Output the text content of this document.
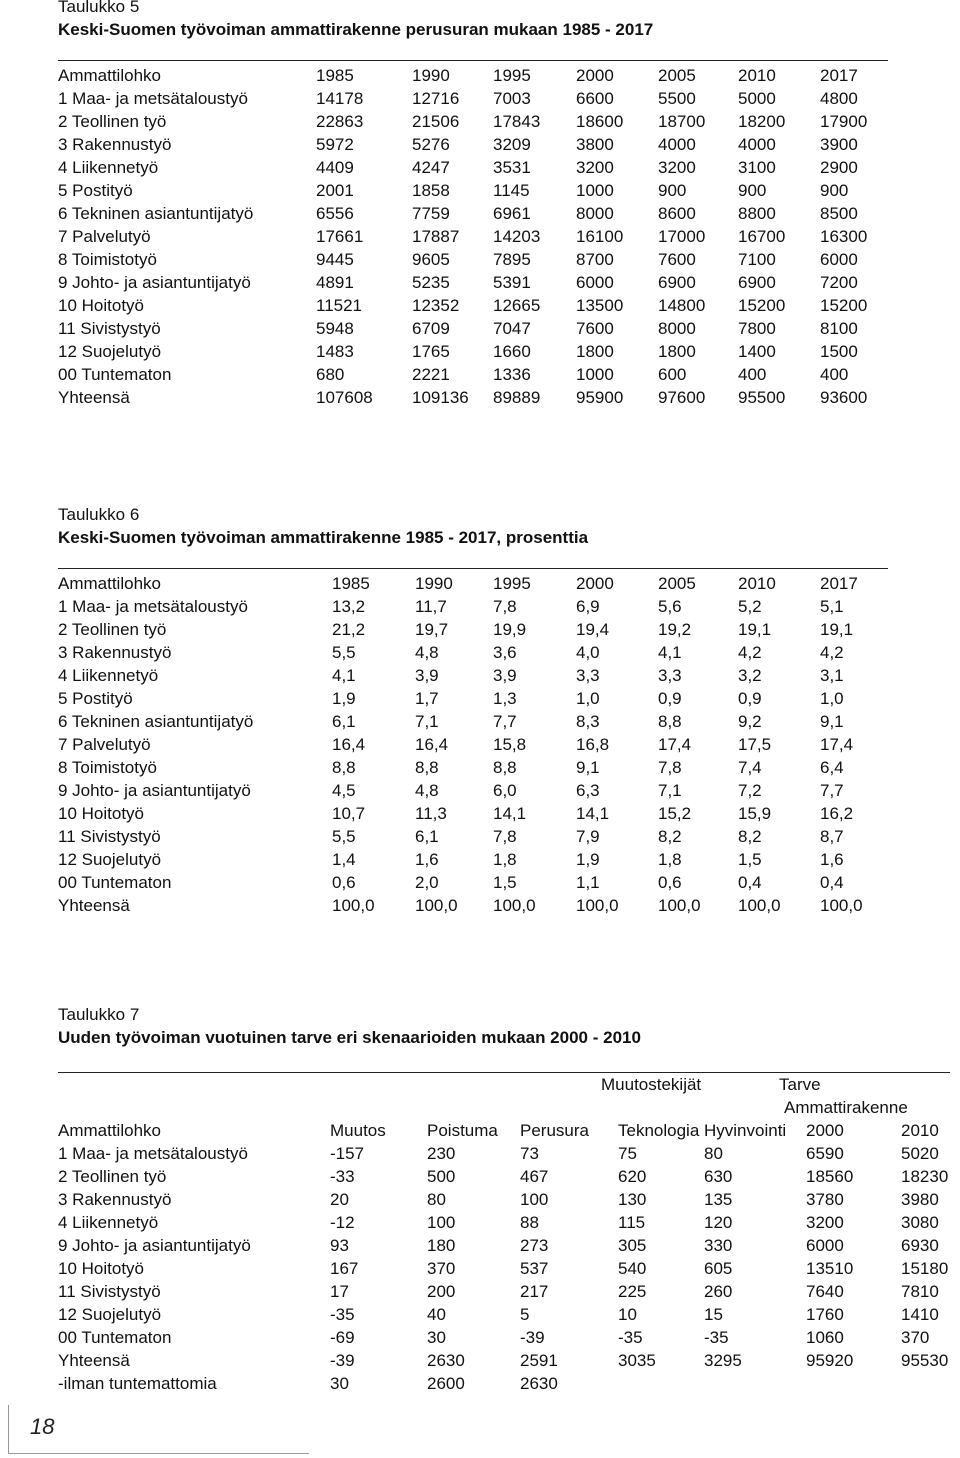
Taulukko 5
Keski-Suomen työvoiman ammattirakenne perusuran mukaan 1985 - 2017
Ammattilohko	1985	1990	1995	2000	2005 2010	2017
1 Maa- ja metsätaloustyö	14178	12716 7003	6600	5500 5000	4800
2 Teollinen työ	22863	21506 17843 18600 18700 18200 17900
3 Rakennustyö	5972	5276	3209	3800	4000 4000	3900
4 Liikennetyö	4409	4247	3531	3200	3200 3100	2900
5 Postityö	2001	1858	1145	1000	900	900	900
6 Tekninen asiantuntijatyö	6556	7759	6961	8000	8600 8800	8500
7 Palvelutyö	17661	17887 14203 16100 17000 16700 16300
8 Toimistotyö	9445	9605	7895	8700	7600 7100	6000
9 Johto- ja asiantuntijatyö	4891	5235	5391	6000	6900 6900	7200
10 Hoitotyö	11521	12352 12665 13500 14800 15200 15200
11 Sivistystyö	5948	6709	7047	7600	8000 7800	8100
12 Suojelutyö	1483	1765	1660	1800	1800 1400	1500
00 Tuntematon	680	2221	1336	1000	600	400	400
Yhteensä	107608 109136 89889 95900 97600 95500 93600
Taulukko 6
Keski-Suomen työvoiman ammattirakenne 1985 - 2017, prosenttia
Ammattilohko	1985	1990 1995	2000	2005 2010	2017
1 Maa- ja metsätaloustyö	13,2	11,7	7,8	6,9	5,6	5,2	5,1
2 Teollinen työ	21,2	19,7	19,9	19,4	19,2	19,1	19,1
3 Rakennustyö	5,5	4,8	3,6	4,0	4,1	4,2	4,2
4 Liikennetyö	4,1	3,9	3,9	3,3	3,3	3,2	3,1
5 Postityö	1,9	1,7	1,3	1,0	0,9	0,9	1,0
6 Tekninen asiantuntijatyö	6,1	7,1	7,7	8,3	8,8	9,2	9,1
7 Palvelutyö	16,4	16,4	15,8	16,8	17,4	17,5	17,4
8 Toimistotyö	8,8	8,8	8,8	9,1	7,8	7,4	6,4
9 Johto- ja asiantuntijatyö	4,5	4,8	6,0	6,3	7,1	7,2	7,7
10 Hoitotyö	10,7	11,3	14,1	14,1	15,2	15,9	16,2
11 Sivistystyö	5,5	6,1	7,8	7,9	8,2	8,2	8,7
12 Suojelutyö	1,4	1,6	1,8	1,9	1,8	1,5	1,6
00 Tuntematon	0,6	2,0	1,5	1,1	0,6	0,4	0,4
Yhteensä	100,0 100,0 100,0 100,0 100,0 100,0 100,0
Taulukko 7
Uuden työvoiman vuotuinen tarve eri skenaarioiden mukaan 2000 - 2010
Muutostekijät	Tarve
Ammattirakenne
Ammattilohko	Muutos Poistuma Perusura Teknologia Hyvinvointi 2000	2010
1 Maa- ja metsätaloustyö	-157	230	73	75	80	6590	5020
2 Teollinen työ	-33	500	467	620	630	18560	18230
3 Rakennustyö	20	80	100	130	135	3780	3980
4 Liikennetyö	-12	100	88	115	120	3200	3080
9 Johto- ja asiantuntijatyö	93	180	273	305	330	6000	6930
10 Hoitotyö	167	370	537	540	605	13510	15180
11 Sivistystyö	17	200	217	225	260	7640	7810
12 Suojelutyö	-35	40	5	10	15	1760	1410
00 Tuntematon	-69	30	-39	-35	-35	1060	370
Yhteensä	-39	2630	2591	3035	3295	95920	95530
-ilman tuntemattomia	30	2600	2630
18
